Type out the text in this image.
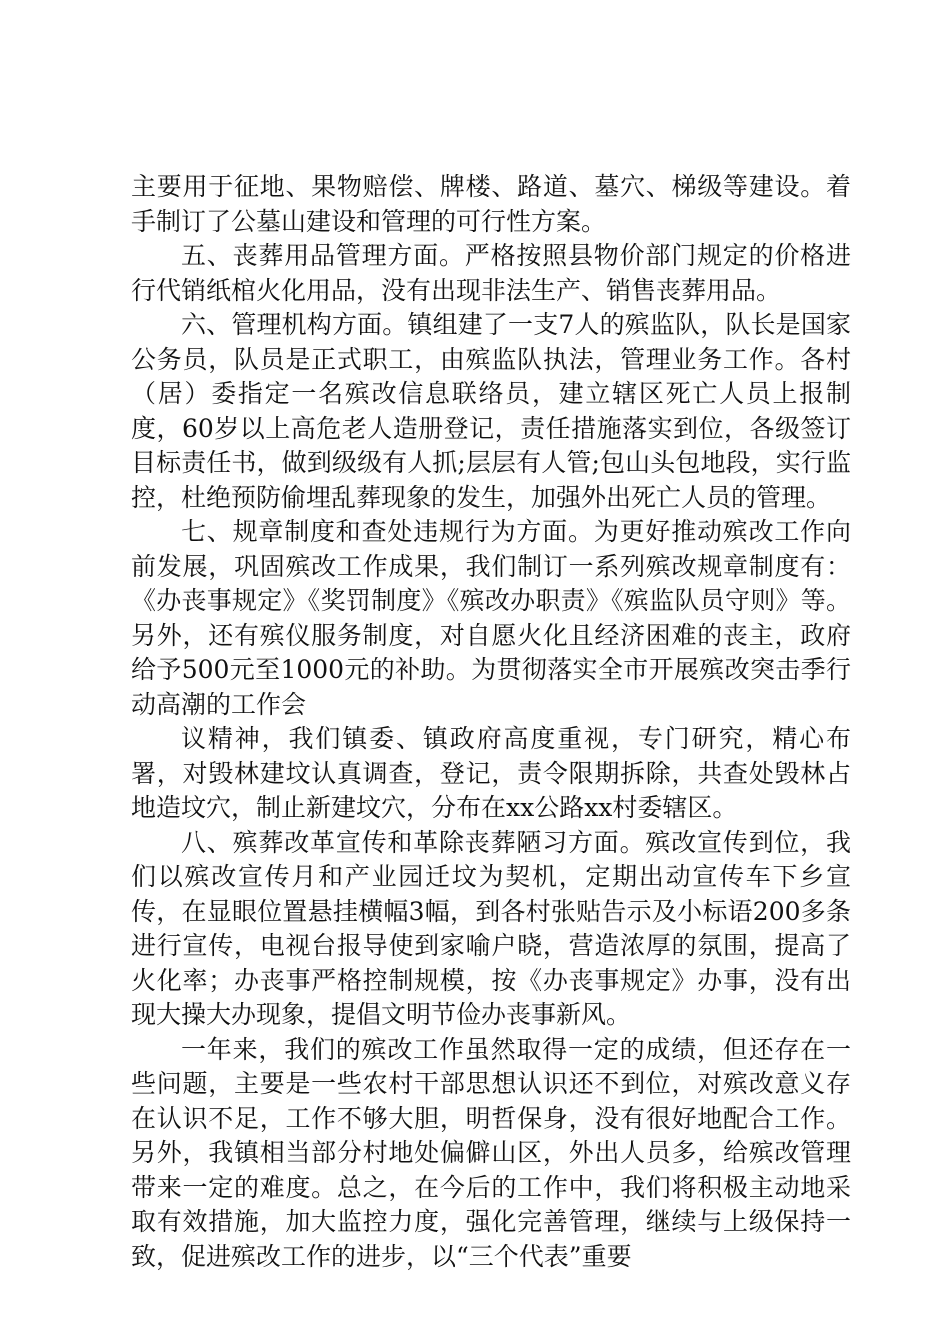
主要用于征地、果物赔偿、牌楼、路道、墓穴、梯级等建设。着手制订了公墓山建设和管理的可行性方案。

五、丧葬用品管理方面。严格按照县物价部门规定的价格进行代销纸棺火化用品，没有出现非法生产、销售丧葬用品。

六、管理机构方面。镇组建了一支7人的殡监队，队长是国家公务员，队员是正式职工，由殡监队执法，管理业务工作。各村（居）委指定一名殡改信息联络员，建立辖区死亡人员上报制度，60岁以上高危老人造册登记，责任措施落实到位，各级签订目标责任书，做到级级有人抓;层层有人管;包山头包地段，实行监控，杜绝预防偷埋乱葬现象的发生，加强外出死亡人员的管理。

七、规章制度和查处违规行为方面。为更好推动殡改工作向前发展，巩固殡改工作成果，我们制订一系列殡改规章制度有：《办丧事规定》《奖罚制度》《殡改办职责》《殡监队员守则》等。另外，还有殡仪服务制度，对自愿火化且经济困难的丧主，政府给予500元至1000元的补助。为贯彻落实全市开展殡改突击季行动高潮的工作会

议精神，我们镇委、镇政府高度重视，专门研究，精心布署，对毁林建坟认真调查，登记，责令限期拆除，共查处毁林占地造坟穴，制止新建坟穴，分布在xx公路xx村委辖区。

八、殡葬改革宣传和革除丧葬陋习方面。殡改宣传到位，我们以殡改宣传月和产业园迁坟为契机，定期出动宣传车下乡宣传，在显眼位置悬挂横幅3幅，到各村张贴告示及小标语200多条进行宣传，电视台报导使到家喻户晓，营造浓厚的氛围，提高了火化率；办丧事严格控制规模，按《办丧事规定》办事，没有出现大操大办现象，提倡文明节俭办丧事新风。

一年来，我们的殡改工作虽然取得一定的成绩，但还存在一些问题，主要是一些农村干部思想认识还不到位，对殡改意义存在认识不足，工作不够大胆，明哲保身，没有很好地配合工作。另外，我镇相当部分村地处偏僻山区，外出人员多，给殡改管理带来一定的难度。总之，在今后的工作中，我们将积极主动地采取有效措施，加大监控力度，强化完善管理，继续与上级保持一致，促进殡改工作的进步，以“三个代表”重要
